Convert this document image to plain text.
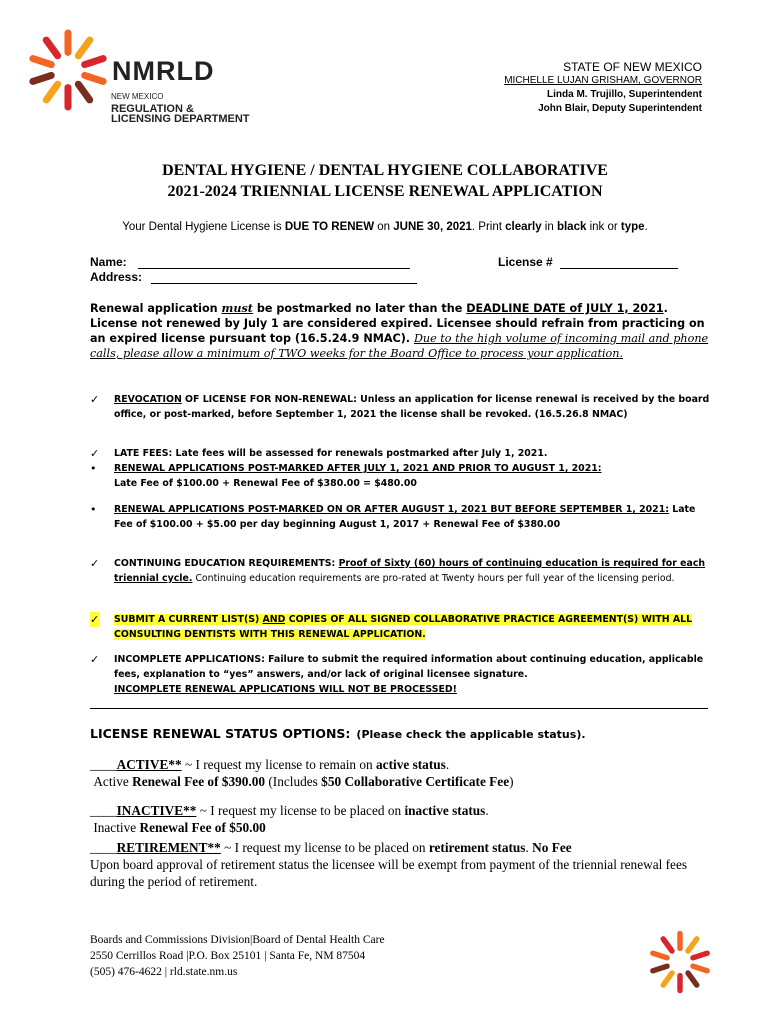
NMRLD
NEW MEXICO
REGULATION &
LICENSING DEPARTMENT
STATE OF NEW MEXICO
MICHELLE LUJAN GRISHAM, GOVERNOR
Linda M. Trujillo, Superintendent
John Blair, Deputy Superintendent
DENTAL HYGIENE / DENTAL HYGIENE COLLABORATIVE
2021-2024 TRIENNIAL LICENSE RENEWAL APPLICATION
Your Dental Hygiene License is DUE TO RENEW on JUNE 30, 2021. Print clearly in black ink or type.
Name:	License #
Address:
Renewal application must be postmarked no later than the DEADLINE DATE of JULY 1, 2021. License not renewed by July 1 are considered expired. Licensee should refrain from practicing on an expired license pursuant top (16.5.24.9 NMAC). Due to the high volume of incoming mail and phone calls, please allow a minimum of TWO weeks for the Board Office to process your application.
✓ REVOCATION OF LICENSE FOR NON-RENEWAL: Unless an application for license renewal is received by the board office, or post-marked, before September 1, 2021 the license shall be revoked. (16.5.26.8 NMAC)
✓ LATE FEES: Late fees will be assessed for renewals postmarked after July 1, 2021.
• RENEWAL APPLICATIONS POST-MARKED AFTER JULY 1, 2021 AND PRIOR TO AUGUST 1, 2021:
Late Fee of $100.00 + Renewal Fee of $380.00 = $480.00
• RENEWAL APPLICATIONS POST-MARKED ON OR AFTER AUGUST 1, 2021 BUT BEFORE SEPTEMBER 1, 2021: Late Fee of $100.00 + $5.00 per day beginning August 1, 2017 + Renewal Fee of $380.00
✓ CONTINUING EDUCATION REQUIREMENTS: Proof of Sixty (60) hours of continuing education is required for each triennial cycle. Continuing education requirements are pro-rated at Twenty hours per full year of the licensing period.
✓ SUBMIT A CURRENT LIST(S) AND COPIES OF ALL SIGNED COLLABORATIVE PRACTICE AGREEMENT(S) WITH ALL CONSULTING DENTISTS WITH THIS RENEWAL APPLICATION.
✓ INCOMPLETE APPLICATIONS: Failure to submit the required information about continuing education, applicable fees, explanation to “yes” answers, and/or lack of original licensee signature.
INCOMPLETE RENEWAL APPLICATIONS WILL NOT BE PROCESSED!
LICENSE RENEWAL STATUS OPTIONS: (Please check the applicable status).
____ACTIVE** ~ I request my license to remain on active status.
Active Renewal Fee of $390.00 (Includes $50 Collaborative Certificate Fee)
____INACTIVE** ~ I request my license to be placed on inactive status.
Inactive Renewal Fee of $50.00
____RETIREMENT** ~ I request my license to be placed on retirement status. No Fee
Upon board approval of retirement status the licensee will be exempt from payment of the triennial renewal fees during the period of retirement.
Boards and Commissions Division|Board of Dental Health Care
2550 Cerrillos Road |P.O. Box 25101 | Santa Fe, NM 87504
(505) 476-4622 | rld.state.nm.us
